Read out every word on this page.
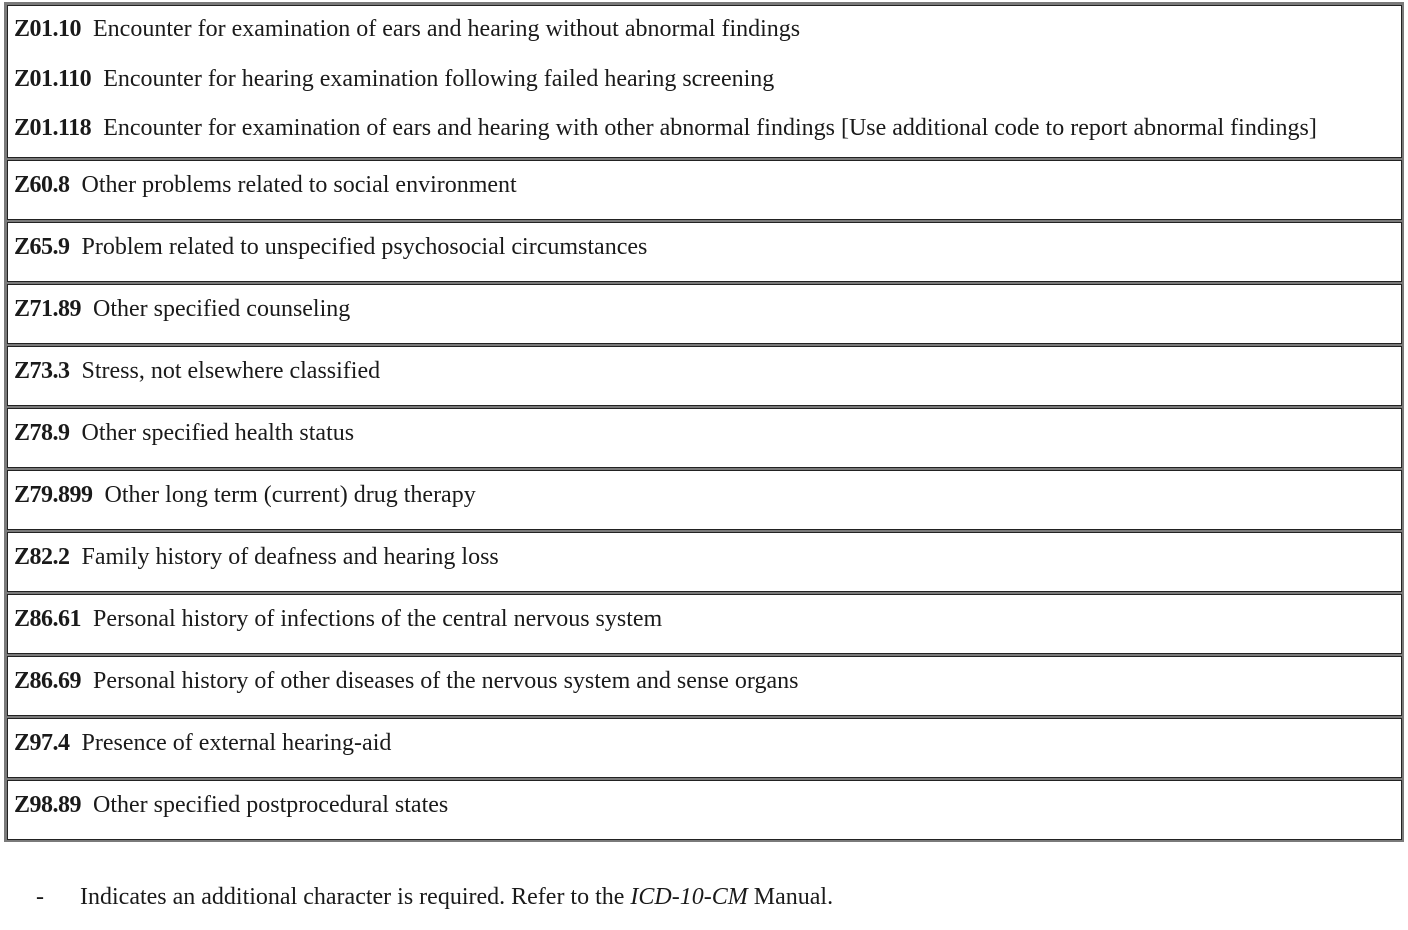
Z01.10 Encounter for examination of ears and hearing without abnormal findings
Z01.110 Encounter for hearing examination following failed hearing screening
Z01.118 Encounter for examination of ears and hearing with other abnormal findings [Use additional code to report abnormal findings]

Z60.8 Other problems related to social environment

Z65.9 Problem related to unspecified psychosocial circumstances

Z71.89 Other specified counseling

Z73.3 Stress, not elsewhere classified

Z78.9 Other specified health status

Z79.899 Other long term (current) drug therapy

Z82.2 Family history of deafness and hearing loss

Z86.61 Personal history of infections of the central nervous system

Z86.69 Personal history of other diseases of the nervous system and sense organs

Z97.4 Presence of external hearing-aid

Z98.89 Other specified postprocedural states
- Indicates an additional character is required. Refer to the ICD-10-CM Manual.
